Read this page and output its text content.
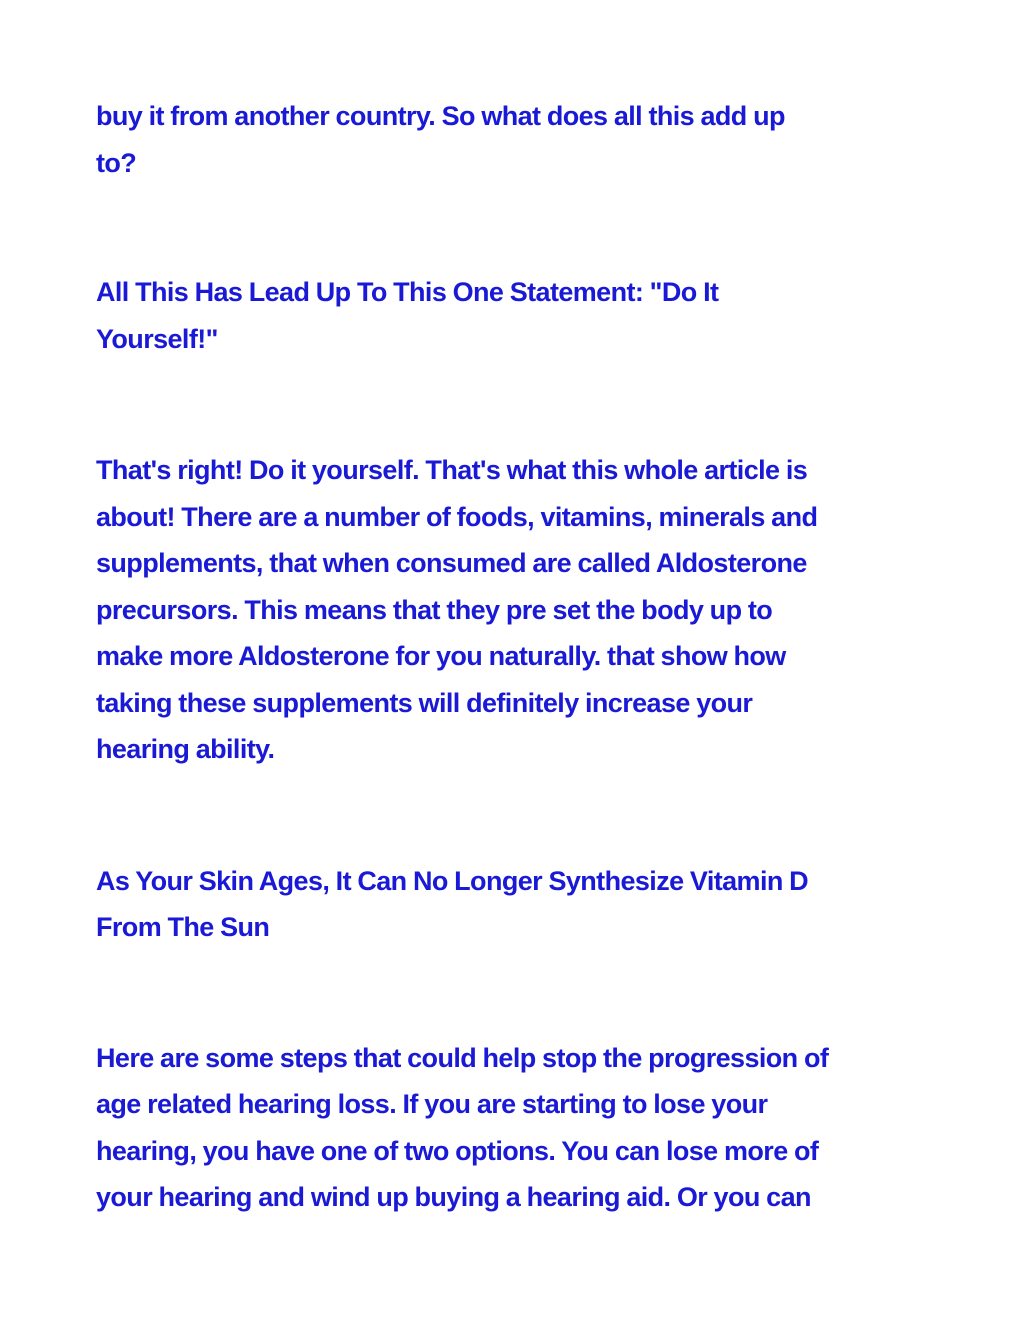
buy it from another country. So what does all this add up
to?

All This Has Lead Up To This One Statement: "Do It
Yourself!"

That's right! Do it yourself. That's what this whole article is
about! There are a number of foods, vitamins, minerals and
supplements, that when consumed are called Aldosterone
precursors. This means that they pre set the body up to
make more Aldosterone for you naturally. that show how
taking these supplements will definitely increase your
hearing ability.

As Your Skin Ages, It Can No Longer Synthesize Vitamin D
From The Sun

Here are some steps that could help stop the progression of
age related hearing loss. If you are starting to lose your
hearing, you have one of two options. You can lose more of
your hearing and wind up buying a hearing aid. Or you can
